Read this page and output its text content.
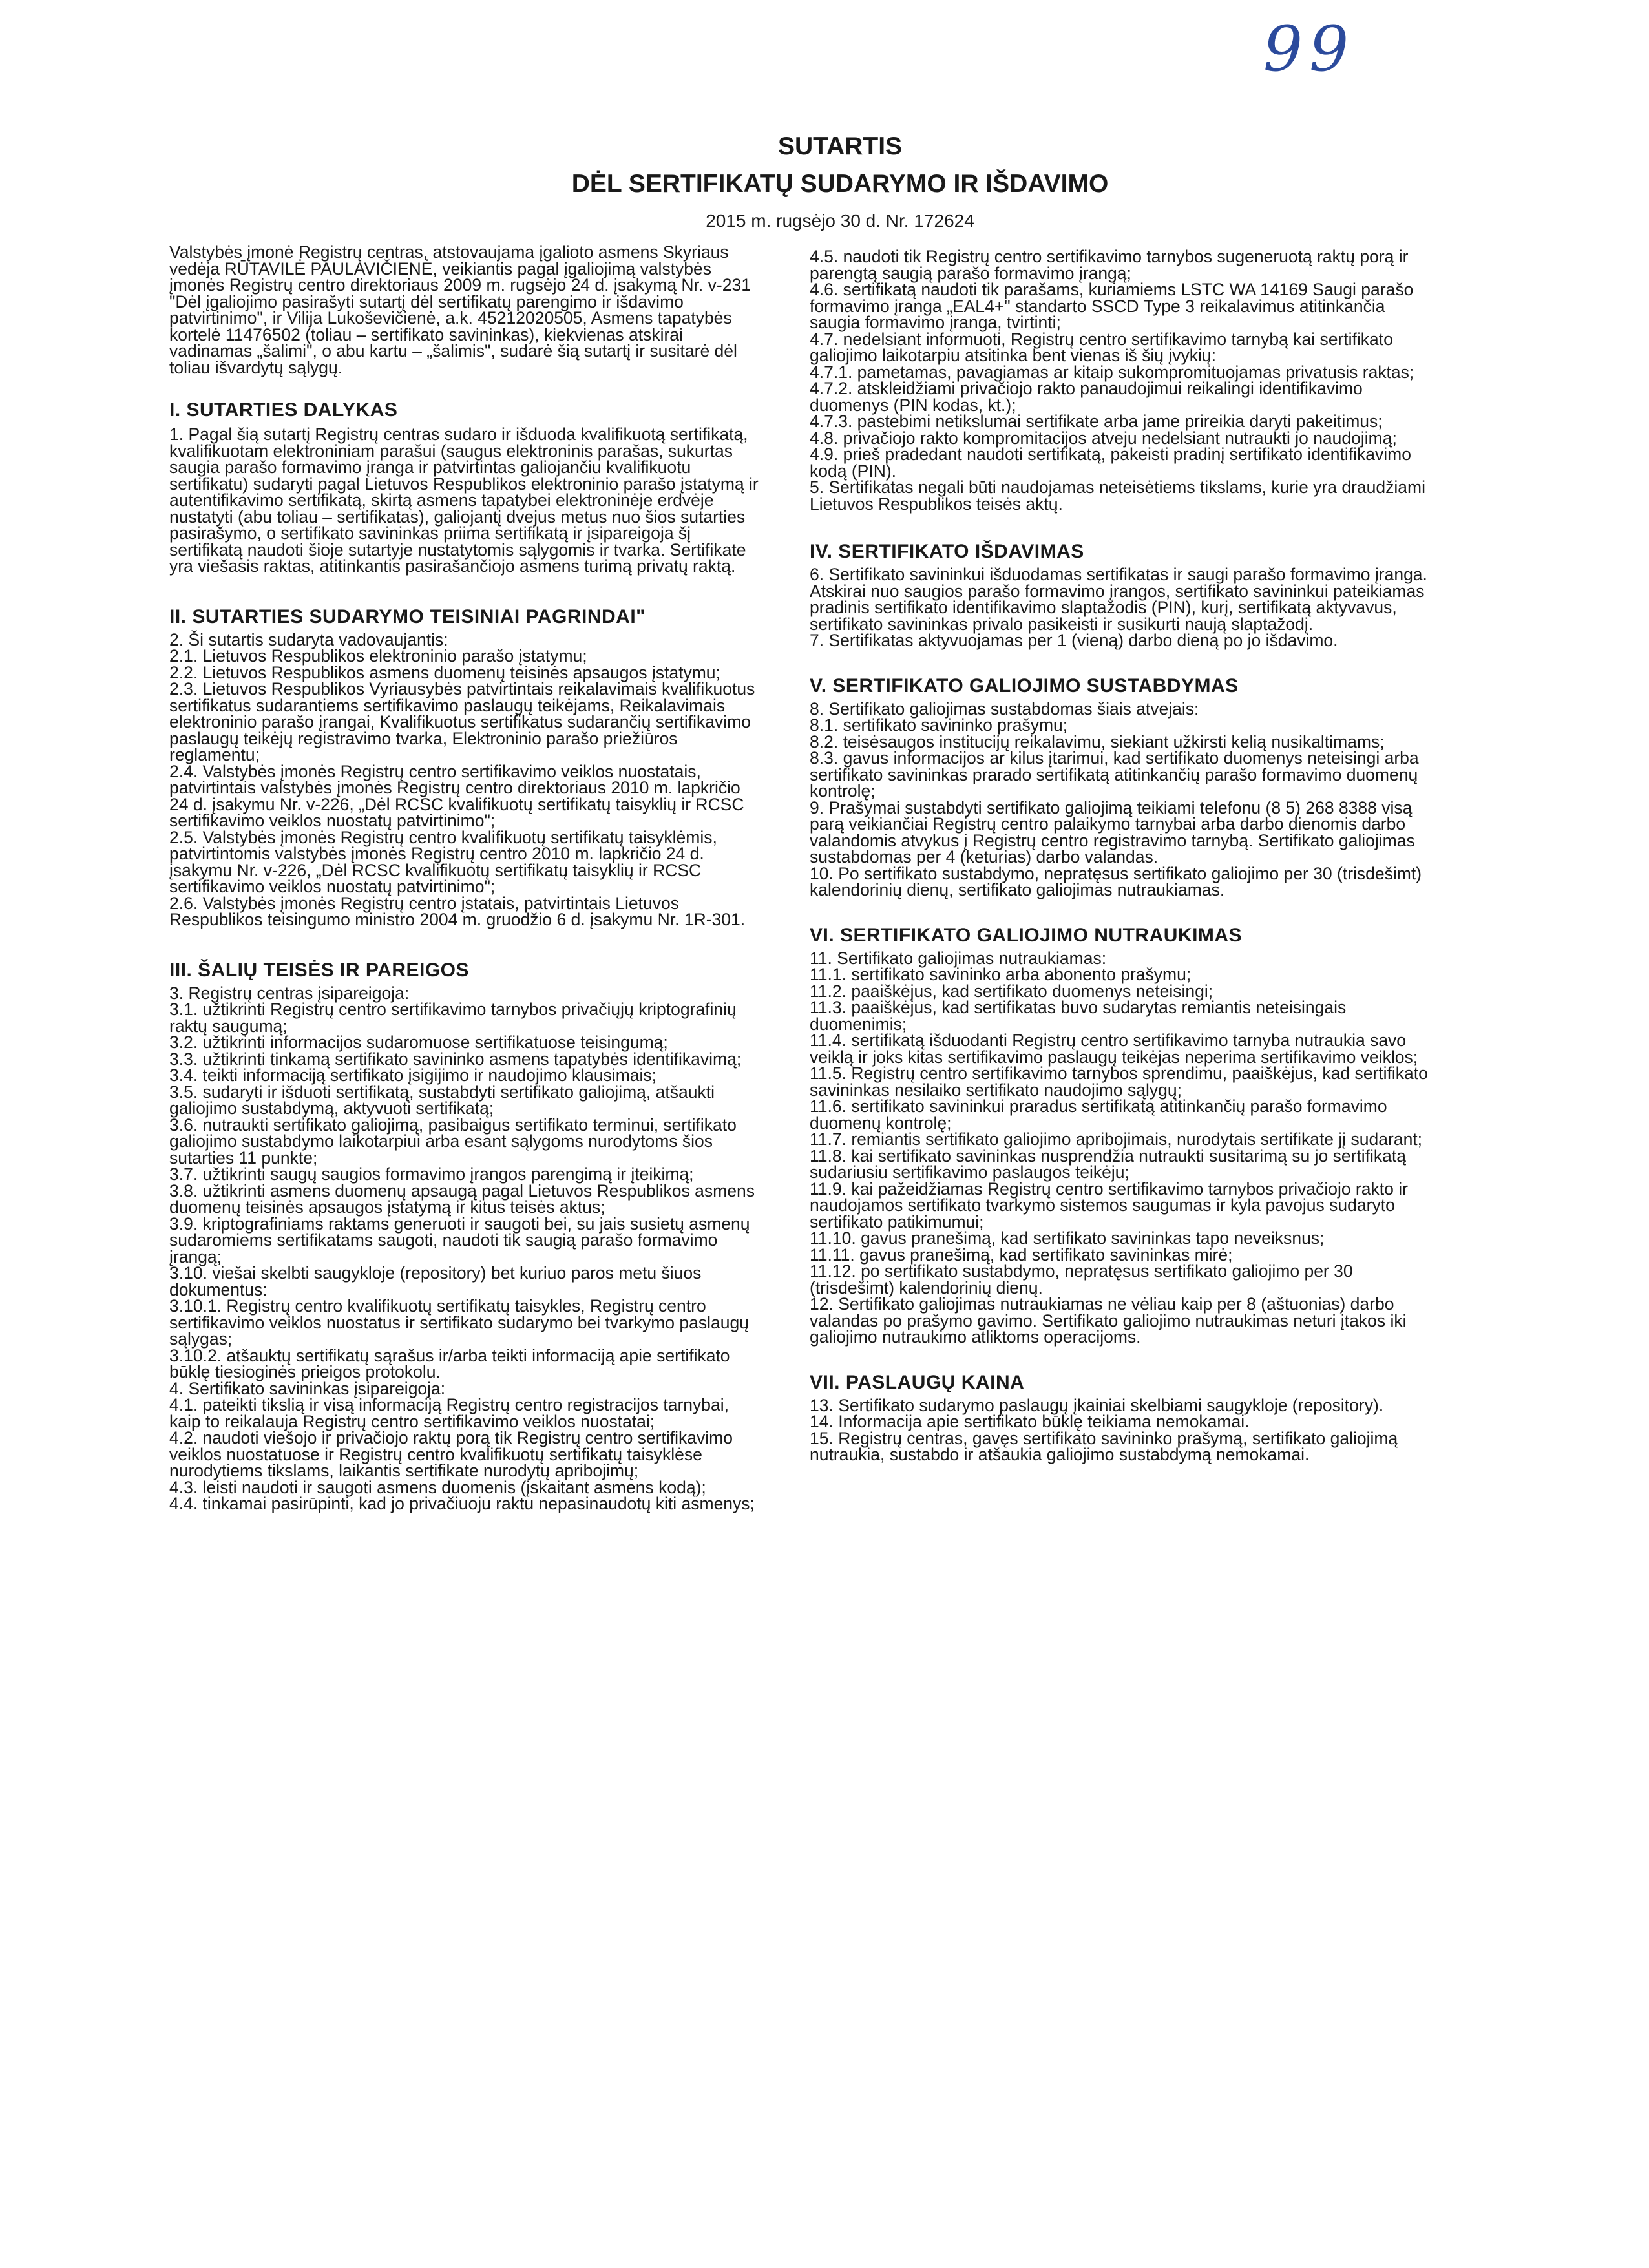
99
SUTARTIS
DĖL SERTIFIKATŲ SUDARYMO IR IŠDAVIMO
2015 m. rugsėjo 30 d. Nr. 172624

Valstybės įmonė Registrų centras, atstovaujama įgalioto asmens Skyriaus vedėja RŪTAVILĖ PAULAVIČIENĖ, veikiantis pagal įgaliojimą valstybės įmonės Registrų centro direktoriaus 2009 m. rugsėjo 24 d. įsakymą Nr. v-231 "Dėl įgaliojimo pasirašyti sutartį dėl sertifikatų parengimo ir išdavimo patvirtinimo", ir Vilija Lukoševičienė, a.k. 45212020505, Asmens tapatybės kortelė 11476502 (toliau – sertifikato savininkas), kiekvienas atskirai vadinamas „šalimi", o abu kartu – „šalimis", sudarė šią sutartį ir susitarė dėl toliau išvardytų sąlygų.

I. SUTARTIES DALYKAS

1. Pagal šią sutartį Registrų centras sudaro ir išduoda kvalifikuotą sertifikatą, kvalifikuotam elektroniniam parašui (saugus elektroninis parašas, sukurtas saugia parašo formavimo įranga ir patvirtintas galiojančiu kvalifikuotu sertifikatu) sudaryti pagal Lietuvos Respublikos elektroninio parašo įstatymą ir autentifikavimo sertifikatą, skirtą asmens tapatybei elektroninėje erdvėje nustatyti (abu toliau – sertifikatas), galiojantį dvejus metus nuo šios sutarties pasirašymo, o sertifikato savininkas priima sertifikatą ir įsipareigoja šį sertifikatą naudoti šioje sutartyje nustatytomis sąlygomis ir tvarka. Sertifikate yra viešasis raktas, atitinkantis pasirašančiojo asmens turimą privatų raktą.

II. SUTARTIES SUDARYMO TEISINIAI PAGRINDAI"

2. Ši sutartis sudaryta vadovaujantis:

2.1. Lietuvos Respublikos elektroninio parašo įstatymu;

2.2. Lietuvos Respublikos asmens duomenų teisinės apsaugos įstatymu;

2.3. Lietuvos Respublikos Vyriausybės patvirtintais reikalavimais kvalifikuotus sertifikatus sudarantiems sertifikavimo paslaugų teikėjams, Reikalavimais elektroninio parašo įrangai, Kvalifikuotus sertifikatus sudarančių sertifikavimo paslaugų teikėjų registravimo tvarka, Elektroninio parašo priežiūros reglamentu;

2.4. Valstybės įmonės Registrų centro sertifikavimo veiklos nuostatais, patvirtintais valstybės įmonės Registrų centro direktoriaus 2010 m. lapkričio 24 d. įsakymu Nr. v-226, „Dėl RCSC kvalifikuotų sertifikatų taisyklių ir RCSC sertifikavimo veiklos nuostatų patvirtinimo";

2.5. Valstybės įmonės Registrų centro kvalifikuotų sertifikatų taisyklėmis, patvirtintomis valstybės įmonės Registrų centro 2010 m. lapkričio 24 d. įsakymu Nr. v-226, „Dėl RCSC kvalifikuotų sertifikatų taisyklių ir RCSC sertifikavimo veiklos nuostatų patvirtinimo";

2.6. Valstybės įmonės Registrų centro įstatais, patvirtintais Lietuvos Respublikos teisingumo ministro 2004 m. gruodžio 6 d. įsakymu Nr. 1R-301.

III. ŠALIŲ TEISĖS IR PAREIGOS

3. Registrų centras įsipareigoja:

3.1. užtikrinti Registrų centro sertifikavimo tarnybos privačiųjų kriptografinių raktų saugumą;

3.2. užtikrinti informacijos sudaromuose sertifikatuose teisingumą;

3.3. užtikrinti tinkamą sertifikato savininko asmens tapatybės identifikavimą;

3.4. teikti informaciją sertifikato įsigijimo ir naudojimo klausimais;

3.5. sudaryti ir išduoti sertifikatą, sustabdyti sertifikato galiojimą, atšaukti galiojimo sustabdymą, aktyvuoti sertifikatą;

3.6. nutraukti sertifikato galiojimą, pasibaigus sertifikato terminui, sertifikato galiojimo sustabdymo laikotarpiui arba esant sąlygoms nurodytoms šios sutarties 11 punkte;

3.7. užtikrinti saugų saugios formavimo įrangos parengimą ir įteikimą;

3.8. užtikrinti asmens duomenų apsaugą pagal Lietuvos Respublikos asmens duomenų teisinės apsaugos įstatymą ir kitus teisės aktus;

3.9. kriptografiniams raktams generuoti ir saugoti bei, su jais susietų asmenų sudaromiems sertifikatams saugoti, naudoti tik saugią parašo formavimo įrangą;

3.10. viešai skelbti saugykloje (repository) bet kuriuo paros metu šiuos dokumentus:

3.10.1. Registrų centro kvalifikuotų sertifikatų taisykles, Registrų centro sertifikavimo veiklos nuostatus ir sertifikato sudarymo bei tvarkymo paslaugų sąlygas;

3.10.2. atšauktų sertifikatų sąrašus ir/arba teikti informaciją apie sertifikato būklę tiesioginės prieigos protokolu.

4. Sertifikato savininkas įsipareigoja:

4.1. pateikti tikslią ir visą informaciją Registrų centro registracijos tarnybai, kaip to reikalauja Registrų centro sertifikavimo veiklos nuostatai;

4.2. naudoti viešojo ir privačiojo raktų porą tik Registrų centro sertifikavimo veiklos nuostatuose ir Registrų centro kvalifikuotų sertifikatų taisyklėse nurodytiems tikslams, laikantis sertifikate nurodytų apribojimų;

4.3. leisti naudoti ir saugoti asmens duomenis (įskaitant asmens kodą);

4.4. tinkamai pasirūpinti, kad jo privačiuoju raktu nepasinaudotų kiti asmenys;

4.5. naudoti tik Registrų centro sertifikavimo tarnybos sugeneruotą raktų porą ir parengtą saugią parašo formavimo įrangą;

4.6. sertifikatą naudoti tik parašams, kuriamiems LSTC WA 14169 Saugi parašo formavimo įranga „EAL4+" standarto SSCD Type 3 reikalavimus atitinkančia saugia formavimo įranga, tvirtinti;

4.7. nedelsiant informuoti, Registrų centro sertifikavimo tarnybą kai sertifikato galiojimo laikotarpiu atsitinka bent vienas iš šių įvykių:

4.7.1. pametamas, pavagiamas ar kitaip sukompromituojamas privatusis raktas;

4.7.2. atskleidžiami privačiojo rakto panaudojimui reikalingi identifikavimo duomenys (PIN kodas, kt.);

4.7.3. pastebimi netikslumai sertifikate arba jame prireikia daryti pakeitimus;

4.8. privačiojo rakto kompromitacijos atveju nedelsiant nutraukti jo naudojimą;

4.9. prieš pradedant naudoti sertifikatą, pakeisti pradinį sertifikato identifikavimo kodą (PIN).

5. Sertifikatas negali būti naudojamas neteisėtiems tikslams, kurie yra draudžiami Lietuvos Respublikos teisės aktų.

IV. SERTIFIKATO IŠDAVIMAS

6. Sertifikato savininkui išduodamas sertifikatas ir saugi parašo formavimo įranga. Atskirai nuo saugios parašo formavimo įrangos, sertifikato savininkui pateikiamas pradinis sertifikato identifikavimo slaptažodis (PIN), kurį, sertifikatą aktyvavus, sertifikato savininkas privalo pasikeisti ir susikurti naują slaptažodį.

7. Sertifikatas aktyvuojamas per 1 (vieną) darbo dieną po jo išdavimo.

V. SERTIFIKATO GALIOJIMO SUSTABDYMAS

8. Sertifikato galiojimas sustabdomas šiais atvejais:

8.1. sertifikato savininko prašymu;

8.2. teisėsaugos institucijų reikalavimu, siekiant užkirsti kelią nusikaltimams;

8.3. gavus informacijos ar kilus įtarimui, kad sertifikato duomenys neteisingi arba sertifikato savininkas prarado sertifikatą atitinkančių parašo formavimo duomenų kontrolę;

9. Prašymai sustabdyti sertifikato galiojimą teikiami telefonu (8 5) 268 8388 visą parą veikiančiai Registrų centro palaikymo tarnybai arba darbo dienomis darbo valandomis atvykus į Registrų centro registravimo tarnybą. Sertifikato galiojimas sustabdomas per 4 (keturias) darbo valandas.

10. Po sertifikato sustabdymo, nepratęsus sertifikato galiojimo per 30 (trisdešimt) kalendorinių dienų, sertifikato galiojimas nutraukiamas.

VI. SERTIFIKATO GALIOJIMO NUTRAUKIMAS

11. Sertifikato galiojimas nutraukiamas:

11.1. sertifikato savininko arba abonento prašymu;

11.2. paaiškėjus, kad sertifikato duomenys neteisingi;

11.3. paaiškėjus, kad sertifikatas buvo sudarytas remiantis neteisingais duomenimis;

11.4. sertifikatą išduodanti Registrų centro sertifikavimo tarnyba nutraukia savo veiklą ir joks kitas sertifikavimo paslaugų teikėjas neperima sertifikavimo veiklos;

11.5. Registrų centro sertifikavimo tarnybos sprendimu, paaiškėjus, kad sertifikato savininkas nesilaiko sertifikato naudojimo sąlygų;

11.6. sertifikato savininkui praradus sertifikatą atitinkančių parašo formavimo duomenų kontrolę;

11.7. remiantis sertifikato galiojimo apribojimais, nurodytais sertifikate jį sudarant;

11.8. kai sertifikato savininkas nusprendžia nutraukti susitarimą su jo sertifikatą sudariusiu sertifikavimo paslaugos teikėju;

11.9. kai pažeidžiamas Registrų centro sertifikavimo tarnybos privačiojo rakto ir naudojamos sertifikato tvarkymo sistemos saugumas ir kyla pavojus sudaryto sertifikato patikimumui;

11.10. gavus pranešimą, kad sertifikato savininkas tapo neveiksnus;

11.11. gavus pranešimą, kad sertifikato savininkas mirė;

11.12. po sertifikato sustabdymo, nepratęsus sertifikato galiojimo per 30 (trisdešimt) kalendorinių dienų.

12. Sertifikato galiojimas nutraukiamas ne vėliau kaip per 8 (aštuonias) darbo valandas po prašymo gavimo. Sertifikato galiojimo nutraukimas neturi įtakos iki galiojimo nutraukimo atliktoms operacijoms.

VII. PASLAUGŲ KAINA

13. Sertifikato sudarymo paslaugų įkainiai skelbiami saugykloje (repository).

14. Informacija apie sertifikato būklę teikiama nemokamai.

15. Registrų centras, gavęs sertifikato savininko prašymą, sertifikato galiojimą nutraukia, sustabdo ir atšaukia galiojimo sustabdymą nemokamai.
